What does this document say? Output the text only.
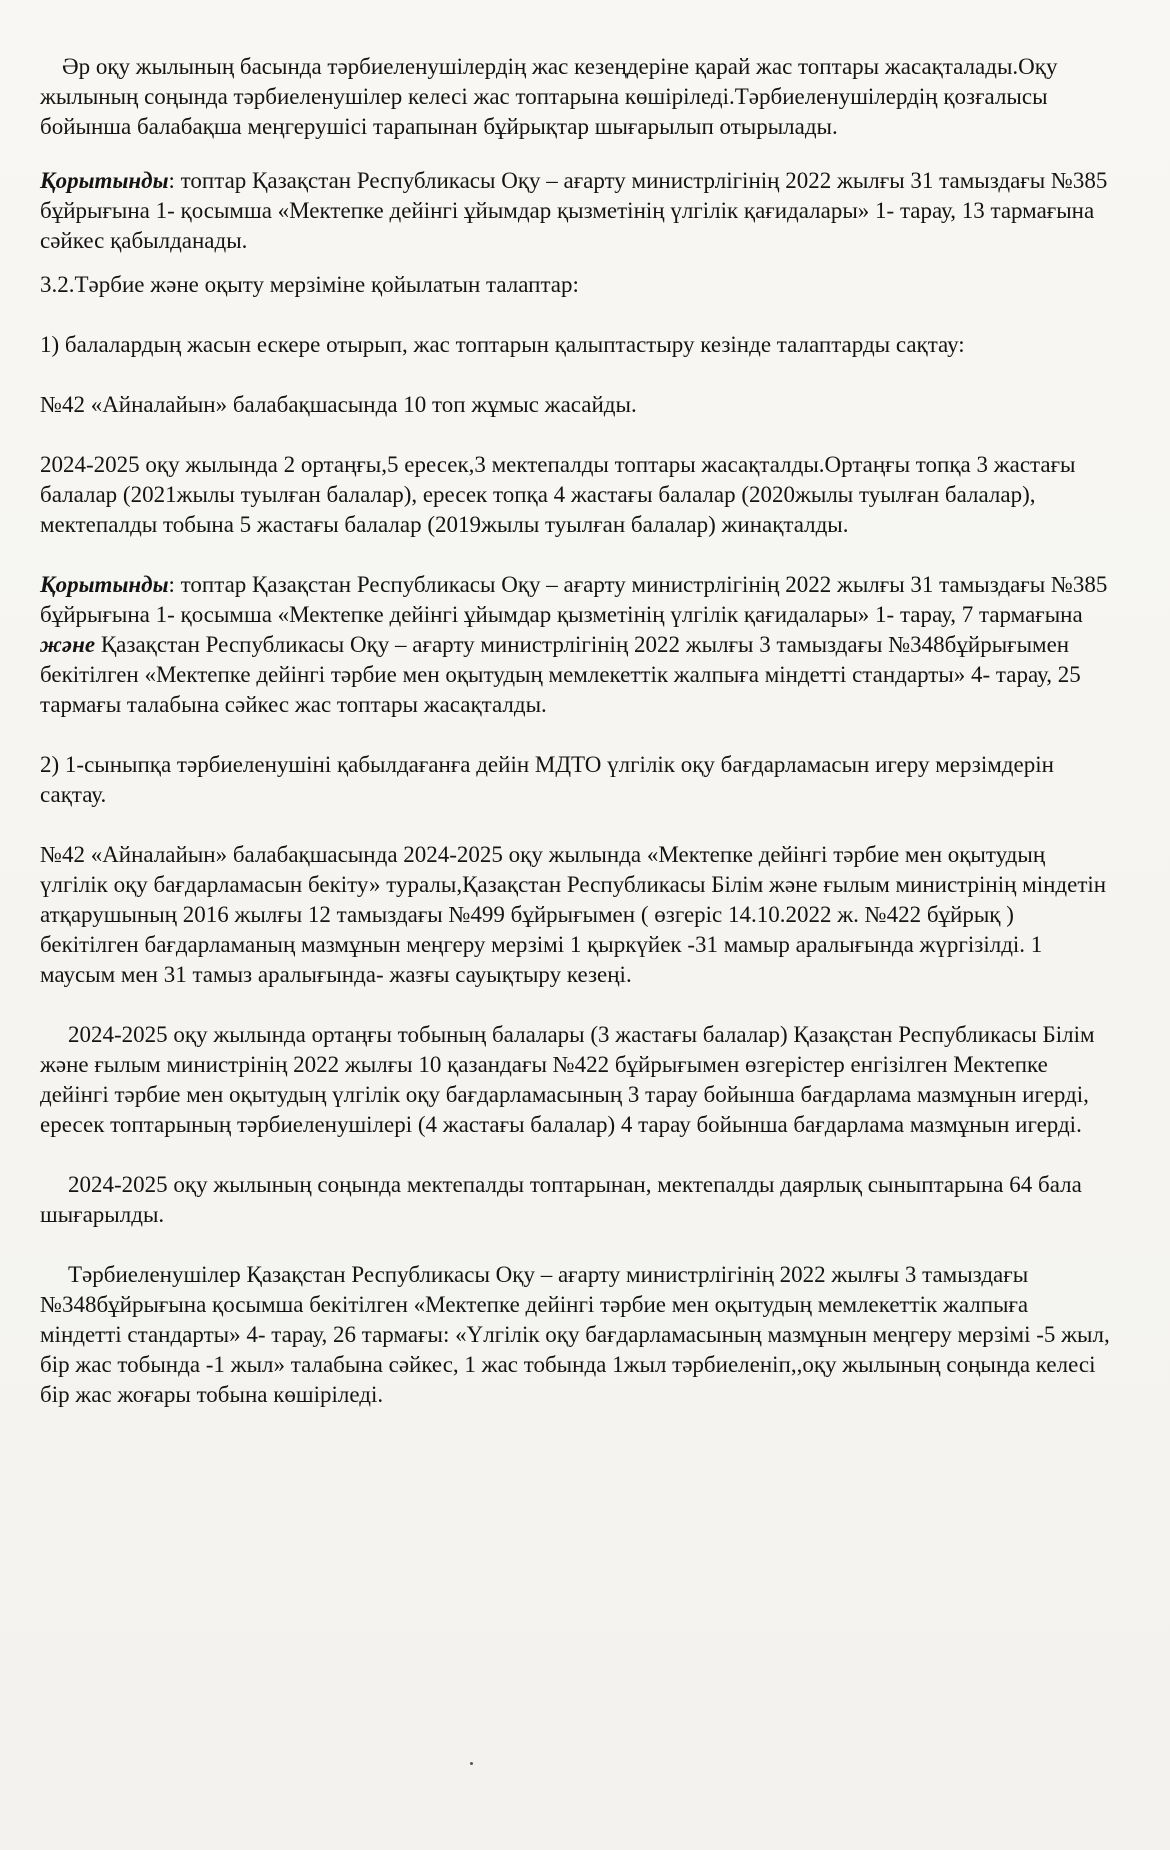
Әр оқу жылының басында тәрбиеленушілердің жас кезеңдеріне қарай жас топтары жасақталады.Оқу жылының соңында тәрбиеленушілер келесі жас топтарына көшіріледі.Тәрбиеленушілердің қозғалысы бойынша балабақша меңгерушісі тарапынан бұйрықтар шығарылып отырылады.

Қорытынды: топтар Қазақстан Республикасы Оқу – ағарту министрлігінің 2022 жылғы 31 тамыздағы №385 бұйрығына 1- қосымша «Мектепке дейінгі ұйымдар қызметінің үлгілік қағидалары» 1- тарау, 13 тармағына сәйкес қабылданады.

3.2.Тәрбие және оқыту мерзіміне қойылатын талаптар:

1) балалардың жасын ескере отырып, жас топтарын қалыптастыру кезінде талаптарды сақтау:

№42 «Айналайын» балабақшасында 10 топ жұмыс жасайды.

2024-2025 оқу жылында 2 ортаңғы,5 ересек,3 мектепалды топтары жасақталды.Ортаңғы топқа 3 жастағы балалар (2021жылы туылған балалар), ересек топқа 4 жастағы балалар (2020жылы туылған балалар), мектепалды тобына 5 жастағы балалар (2019жылы туылған балалар) жинақталды.

Қорытынды: топтар Қазақстан Республикасы Оқу – ағарту министрлігінің 2022 жылғы 31 тамыздағы №385 бұйрығына 1- қосымша «Мектепке дейінгі ұйымдар қызметінің үлгілік қағидалары» 1- тарау, 7 тармағына және Қазақстан Республикасы Оқу – ағарту министрлігінің 2022 жылғы 3 тамыздағы №348бұйрығымен бекітілген «Мектепке дейінгі тәрбие мен оқытудың мемлекеттік жалпыға міндетті стандарты» 4- тарау, 25 тармағы талабына сәйкес жас топтары жасақталды.

2) 1-сыныпқа тәрбиеленушіні қабылдағанға дейін МДТО үлгілік оқу бағдарламасын игеру мерзімдерін сақтау.

№42 «Айналайын» балабақшасында 2024-2025 оқу жылында «Мектепке дейінгі тәрбие мен оқытудың үлгілік оқу бағдарламасын бекіту» туралы,Қазақстан Республикасы Білім және ғылым министрінің міндетін атқарушының 2016 жылғы 12 тамыздағы №499 бұйрығымен ( өзгеріс 14.10.2022 ж. №422 бұйрық ) бекітілген бағдарламаның мазмұнын меңгеру мерзімі 1 қыркүйек -31 мамыр аралығында жүргізілді. 1 маусым мен 31 тамыз аралығында- жазғы сауықтыру кезеңі.

2024-2025 оқу жылында ортаңғы тобының балалары (3 жастағы балалар) Қазақстан Республикасы Білім және ғылым министрінің 2022 жылғы 10 қазандағы №422 бұйрығымен өзгерістер енгізілген Мектепке дейінгі тәрбие мен оқытудың үлгілік оқу бағдарламасының 3 тарау бойынша бағдарлама мазмұнын игерді, ересек топтарының тәрбиеленушілері (4 жастағы балалар) 4 тарау бойынша бағдарлама мазмұнын игерді.

2024-2025 оқу жылының соңында мектепалды топтарынан, мектепалды даярлық сыныптарына 64 бала шығарылды.

Тәрбиеленушілер Қазақстан Республикасы Оқу – ағарту министрлігінің 2022 жылғы 3 тамыздағы №348бұйрығына қосымша бекітілген «Мектепке дейінгі тәрбие мен оқытудың мемлекеттік жалпыға міндетті стандарты» 4- тарау, 26 тармағы: «Үлгілік оқу бағдарламасының мазмұнын меңгеру мерзімі -5 жыл, бір жас тобында -1 жыл» талабына сәйкес, 1 жас тобында 1жыл тәрбиеленіп,,оқу жылының соңында келесі бір жас жоғары тобына көшіріледі.
